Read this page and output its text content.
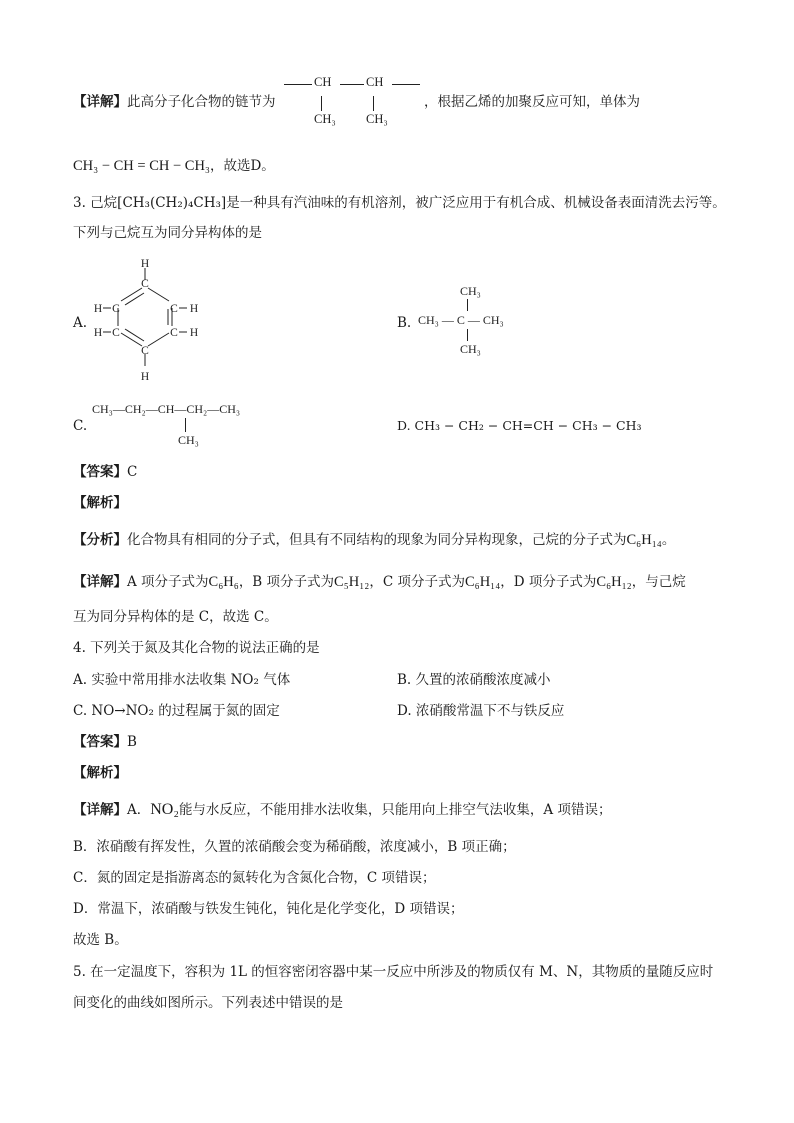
CH	CH
CH₃ CH₃
【详解】此高分子化合物的链节为	，根据乙烯的加聚反应可知，单体为
CH₃ − CH = CH − CH₃，故选D。
3. 己烷[CH₃(CH₂)₄CH₃]是一种具有汽油味的有机溶剂，被广泛应用于有机合成、机械设备表面清洗去污等。
下列与己烷互为同分异构体的是
A.
C
C
C
C
C
C
H
H
H
H
H
H
B.
CH₃
CH₃ — C — CH₃
CH₃
C.
CH₃—CH₂—CH—CH₂—CH₃
CH₃
D. CH₃ − CH₂ − CH=CH − CH₃ − CH₃
【答案】C
【解析】
【分析】化合物具有相同的分子式，但具有不同结构的现象为同分异构现象，己烷的分子式为C₆H₁₄。
【详解】A 项分子式为C₆H₆，B 项分子式为C₅H₁₂，C 项分子式为C₆H₁₄，D 项分子式为C₆H₁₂，与己烷
互为同分异构体的是 C，故选 C。
4. 下列关于氮及其化合物的说法正确的是
A. 实验中常用排水法收集 NO₂ 气体	B. 久置的浓硝酸浓度减小
C. NO→NO₂ 的过程属于氮的固定	D. 浓硝酸常温下不与铁反应
【答案】B
【解析】
【详解】A．NO₂能与水反应，不能用排水法收集，只能用向上排空气法收集，A 项错误；
B．浓硝酸有挥发性，久置的浓硝酸会变为稀硝酸，浓度减小，B 项正确；
C．氮的固定是指游离态的氮转化为含氮化合物，C 项错误；
D．常温下，浓硝酸与铁发生钝化，钝化是化学变化，D 项错误；
故选 B。
5. 在一定温度下，容积为 1L 的恒容密闭容器中某一反应中所涉及的物质仅有 M、N，其物质的量随反应时
间变化的曲线如图所示。下列表述中错误的是
